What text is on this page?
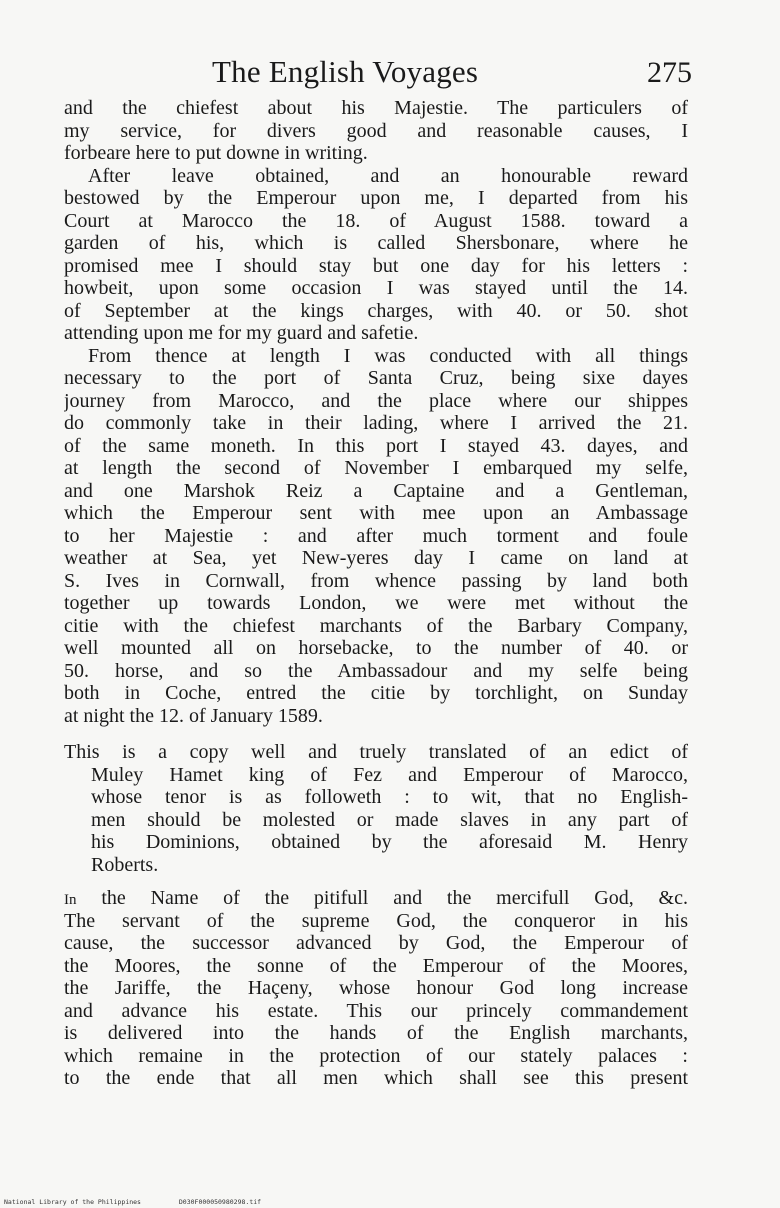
The English Voyages	275
and the chiefest about his Majestie. The particulers of
my service, for divers good and reasonable causes, I
forbeare here to put downe in writing.
After leave obtained, and an honourable reward
bestowed by the Emperour upon me, I departed from his
Court at Marocco the 18. of August 1588. toward a
garden of his, which is called Shersbonare, where he
promised mee I should stay but one day for his letters :
howbeit, upon some occasion I was stayed until the 14.
of September at the kings charges, with 40. or 50. shot
attending upon me for my guard and safetie.
From thence at length I was conducted with all things
necessary to the port of Santa Cruz, being sixe dayes
journey from Marocco, and the place where our shippes
do commonly take in their lading, where I arrived the 21.
of the same moneth. In this port I stayed 43. dayes, and
at length the second of November I embarqued my selfe,
and one Marshok Reiz a Captaine and a Gentleman,
which the Emperour sent with mee upon an Ambassage
to her Majestie : and after much torment and foule
weather at Sea, yet New-yeres day I came on land at
S. Ives in Cornwall, from whence passing by land both
together up towards London, we were met without the
citie with the chiefest marchants of the Barbary Company,
well mounted all on horsebacke, to the number of 40. or
50. horse, and so the Ambassadour and my selfe being
both in Coche, entred the citie by torchlight, on Sunday
at night the 12. of January 1589.
This is a copy well and truely translated of an edict of
Muley Hamet king of Fez and Emperour of Marocco,
whose tenor is as followeth : to wit, that no English-
men should be molested or made slaves in any part of
his Dominions, obtained by the aforesaid M. Henry
Roberts.
In the Name of the pitifull and the mercifull God, &c.
The servant of the supreme God, the conqueror in his
cause, the successor advanced by God, the Emperour of
the Moores, the sonne of the Emperour of the Moores,
the Jariffe, the Haçeny, whose honour God long increase
and advance his estate. This our princely commandement
is delivered into the hands of the English marchants,
which remaine in the protection of our stately palaces :
to the ende that all men which shall see this present
National Library of the Philippines	D030F000050980298.tif
